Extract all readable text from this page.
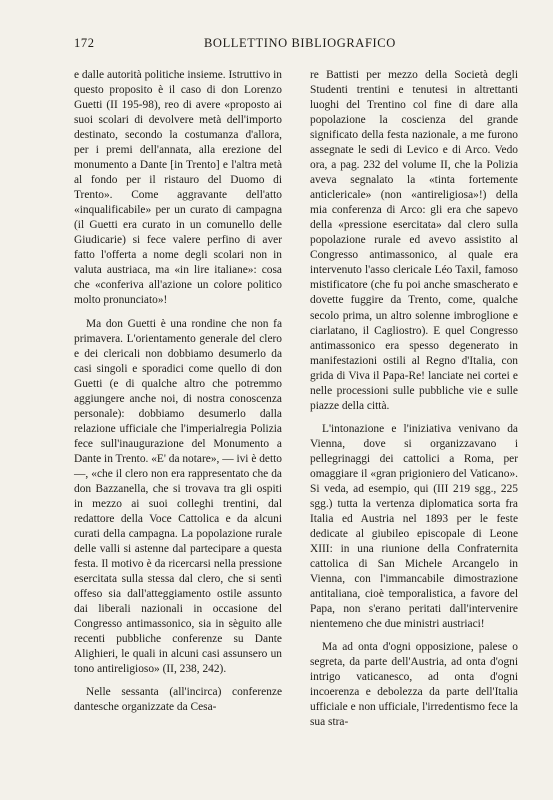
172	BOLLETTINO BIBLIOGRAFICO

e dalle autorità politiche insieme. Istruttivo in questo proposito è il caso di don Lorenzo Guetti (II 195-98), reo di avere «proposto ai suoi scolari di devolvere metà dell'importo destinato, secondo la costumanza d'allora, per i premi dell'annata, alla erezione del monumento a Dante [in Trento] e l'altra metà al fondo per il ristauro del Duomo di Trento». Come aggravante dell'atto «inqualificabile» per un curato di campagna (il Guetti era curato in un comunello delle Giudicarie) si fece valere perfino di aver fatto l'offerta a nome degli scolari non in valuta austriaca, ma «in lire italiane»: cosa che «conferiva all'azione un colore politico molto pronunciato»!

Ma don Guetti è una rondine che non fa primavera. L'orientamento generale del clero e dei clericali non dobbiamo desumerlo da casi singoli e sporadici come quello di don Guetti (e di qualche altro che potremmo aggiungere anche noi, di nostra conoscenza personale): dobbiamo desumerlo dalla relazione ufficiale che l'imperialregia Polizia fece sull'inaugurazione del Monumento a Dante in Trento. «E' da notare», — ivi è detto —, «che il clero non era rappresentato che da don Bazzanella, che si trovava tra gli ospiti in mezzo ai suoi colleghi trentini, dal redattore della Voce Cattolica e da alcuni curati della campagna. La popolazione rurale delle valli si astenne dal partecipare a questa festa. Il motivo è da ricercarsi nella pressione esercitata sulla stessa dal clero, che si sentì offeso sia dall'atteggiamento ostile assunto dai liberali nazionali in occasione del Congresso antimassonico, sia in sèguito alle recenti pubbliche conferenze su Dante Alighieri, le quali in alcuni casi assunsero un tono antireligioso» (II, 238, 242).

Nelle sessanta (all'incirca) conferenze dantesche organizzate da Cesa-

re Battisti per mezzo della Società degli Studenti trentini e tenutesi in altrettanti luoghi del Trentino col fine di dare alla popolazione la coscienza del grande significato della festa nazionale, a me furono assegnate le sedi di Levico e di Arco. Vedo ora, a pag. 232 del volume II, che la Polizia aveva segnalato la «tinta fortemente anticlericale» (non «antireligiosa»!) della mia conferenza di Arco: gli era che sapevo della «pressione esercitata» dal clero sulla popolazione rurale ed avevo assistito al Congresso antimassonico, al quale era intervenuto l'asso clericale Léo Taxil, famoso mistificatore (che fu poi anche smascherato e dovette fuggire da Trento, come, qualche secolo prima, un altro solenne imbroglione e ciarlatano, il Cagliostro). E quel Congresso antimassonico era spesso degenerato in manifestazioni ostili al Regno d'Italia, con grida di Viva il Papa-Re! lanciate nei cortei e nelle processioni sulle pubbliche vie e sulle piazze della città.

L'intonazione e l'iniziativa venivano da Vienna, dove si organizzavano i pellegrinaggi dei cattolici a Roma, per omaggiare il «gran prigioniero del Vaticano». Si veda, ad esempio, qui (III 219 sgg., 225 sgg.) tutta la vertenza diplomatica sorta fra Italia ed Austria nel 1893 per le feste dedicate al giubileo episcopale di Leone XIII: in una riunione della Confraternita cattolica di San Michele Arcangelo in Vienna, con l'immancabile dimostrazione antitaliana, cioè temporalistica, a favore del Papa, non s'erano peritati dall'intervenire nientemeno che due ministri austriaci!

Ma ad onta d'ogni opposizione, palese o segreta, da parte dell'Austria, ad onta d'ogni intrigo vaticanesco, ad onta d'ogni incoerenza e debolezza da parte dell'Italia ufficiale e non ufficiale, l'irredentismo fece la sua stra-
